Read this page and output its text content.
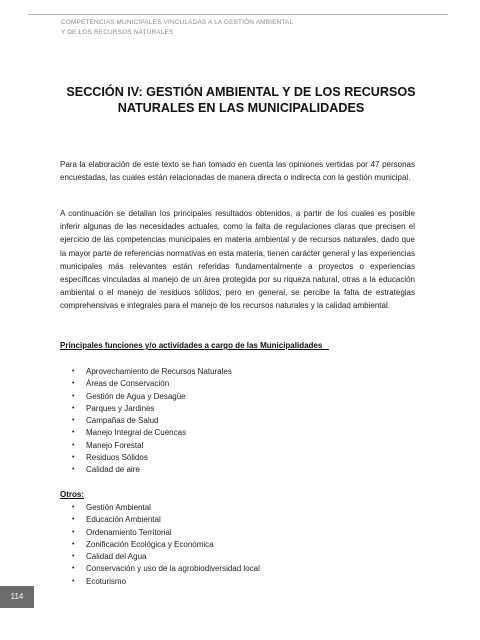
COMPETENCIAS MUNICIPALES VINCULADAS A LA GESTIÓN AMBIENTAL
Y DE LOS RECURSOS NATURALES
SECCIÓN IV: GESTIÓN AMBIENTAL Y DE LOS RECURSOS
NATURALES EN LAS MUNICIPALIDADES
Para la elaboración de este texto se han tomado en cuenta las opiniones vertidas por 47 personas encuestadas, las cuales están relacionadas de manera directa o indirecta con la gestión municipal.
A continuación se detallan los principales resultados obtenidos, a partir de los cuales es posible inferir algunas de las necesidades actuales, como la falta de regulaciones claras que precisen el ejercicio de las competencias municipales en materia ambiental y de recursos naturales, dado que la mayor parte de referencias normativas en esta materia, tienen carácter general y las experiencias municipales más relevantes están referidas fundamentalmente a proyectos o experiencias específicas vinculadas al manejo de un área protegida por su riqueza natural, otras a la educación ambiental o el manejo de residuos sólidos, pero en general, se percibe la falta de estrategias comprehensivas e integrales para el manejo de los recursos naturales y la calidad ambiental.
Principales funciones y/o actividades a cargo de las Municipalidades
• Aprovechamiento de Recursos Naturales
• Áreas de Conservación
• Gestión de Agua y Desagüe
• Parques y Jardines
• Campañas de Salud
• Manejo Integral de Cuencas
• Manejo Forestal
• Residuos Sólidos
• Calidad de aire
Otros:
• Gestión Ambiental
• Educación Ambiental
• Ordenamiento Territorial
• Zonificación Ecológica y Económica
• Calidad del Agua
• Conservación y uso de la agrobiodiversidad local
• Ecoturismo
114
